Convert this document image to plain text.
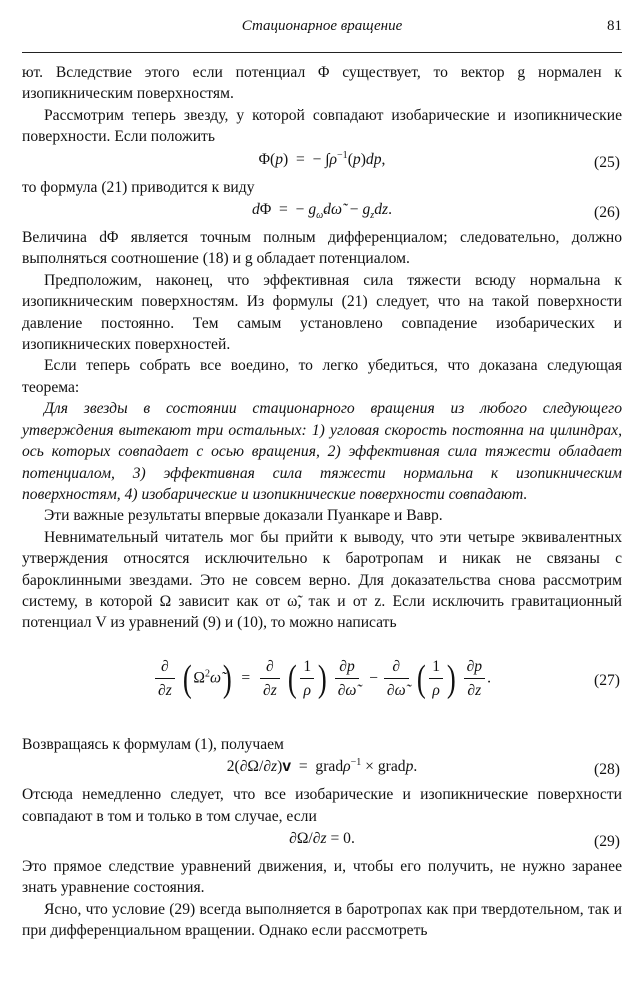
Стационарное вращение	81

ют. Вследствие этого если потенциал Φ существует, то вектор g нормален к изопикническим поверхностям.

Рассмотрим теперь звезду, у которой совпадают изобарические и изопикнические поверхности. Если положить

Φ(p)  =  − $\int\rho^{-1}(p)dp$,	(25)

то формула (21) приводится к виду

dΦ  =  − $g_{\omegã}d\omegã - g_zdz$.	(26)

Величина dΦ является точным полным дифференциалом; следовательно, должно выполняться соотношение (18) и g обладает потенциалом.

Предположим, наконец, что эффективная сила тяжести всюду нормальна к изопикническим поверхностям. Из формулы (21) следует, что на такой поверхности давление постоянно. Тем самым установлено совпадение изобарических и изопикнических поверхностей.

Если теперь собрать все воедино, то легко убедиться, что доказана следующая теорема:

Для звезды в состоянии стационарного вращения из любого следующего утверждения вытекают три остальных: 1) угловая скорость постоянна на цилиндрах, ось которых совпадает с осью вращения, 2) эффективная сила тяжести обладает потенциалом, 3) эффективная сила тяжести нормальна к изопикническим поверхностям, 4) изобарические и изопикнические поверхности совпадают.

Эти важные результаты впервые доказали Пуанкаре и Вавр.

Невнимательный читатель мог бы прийти к выводу, что эти четыре эквивалентных утверждения относятся исключительно к баротропам и никак не связаны с бароклинными звездами. Это не совсем верно. Для доказательства снова рассмотрим систему, в которой Ω зависит как от ω̃, так и от z. Если исключить гравитационный потенциал V из уравнений (9) и (10), то можно написать

$\frac{\partial}{\partial z}$ ( $\Omega^2\omegã) = \frac{\partial}{\partial z}$ ( $\frac{1}{\rho}$ ) $\frac{\partial p}{\partial\omegã} - \frac{\partial}{\partial\omegã}$ ( $\frac{1}{\rho}$ ) $\frac{\partial p}{\partial z}$ .	(27)

Возвращаясь к формулам (1), получаем

2(∂Ω/∂z)v  =  gradρ$^{-1}$ × gradp.	(28)

Отсюда немедленно следует, что все изобарические и изопикнические поверхности совпадают в том и только в том случае, если

∂Ω/∂z = 0.	(29)

Это прямое следствие уравнений движения, и, чтобы его получить, не нужно заранее знать уравнение состояния.

Ясно, что условие (29) всегда выполняется в баротропах как при твердотельном, так и при дифференциальном вращении. Однако если рассмотреть
